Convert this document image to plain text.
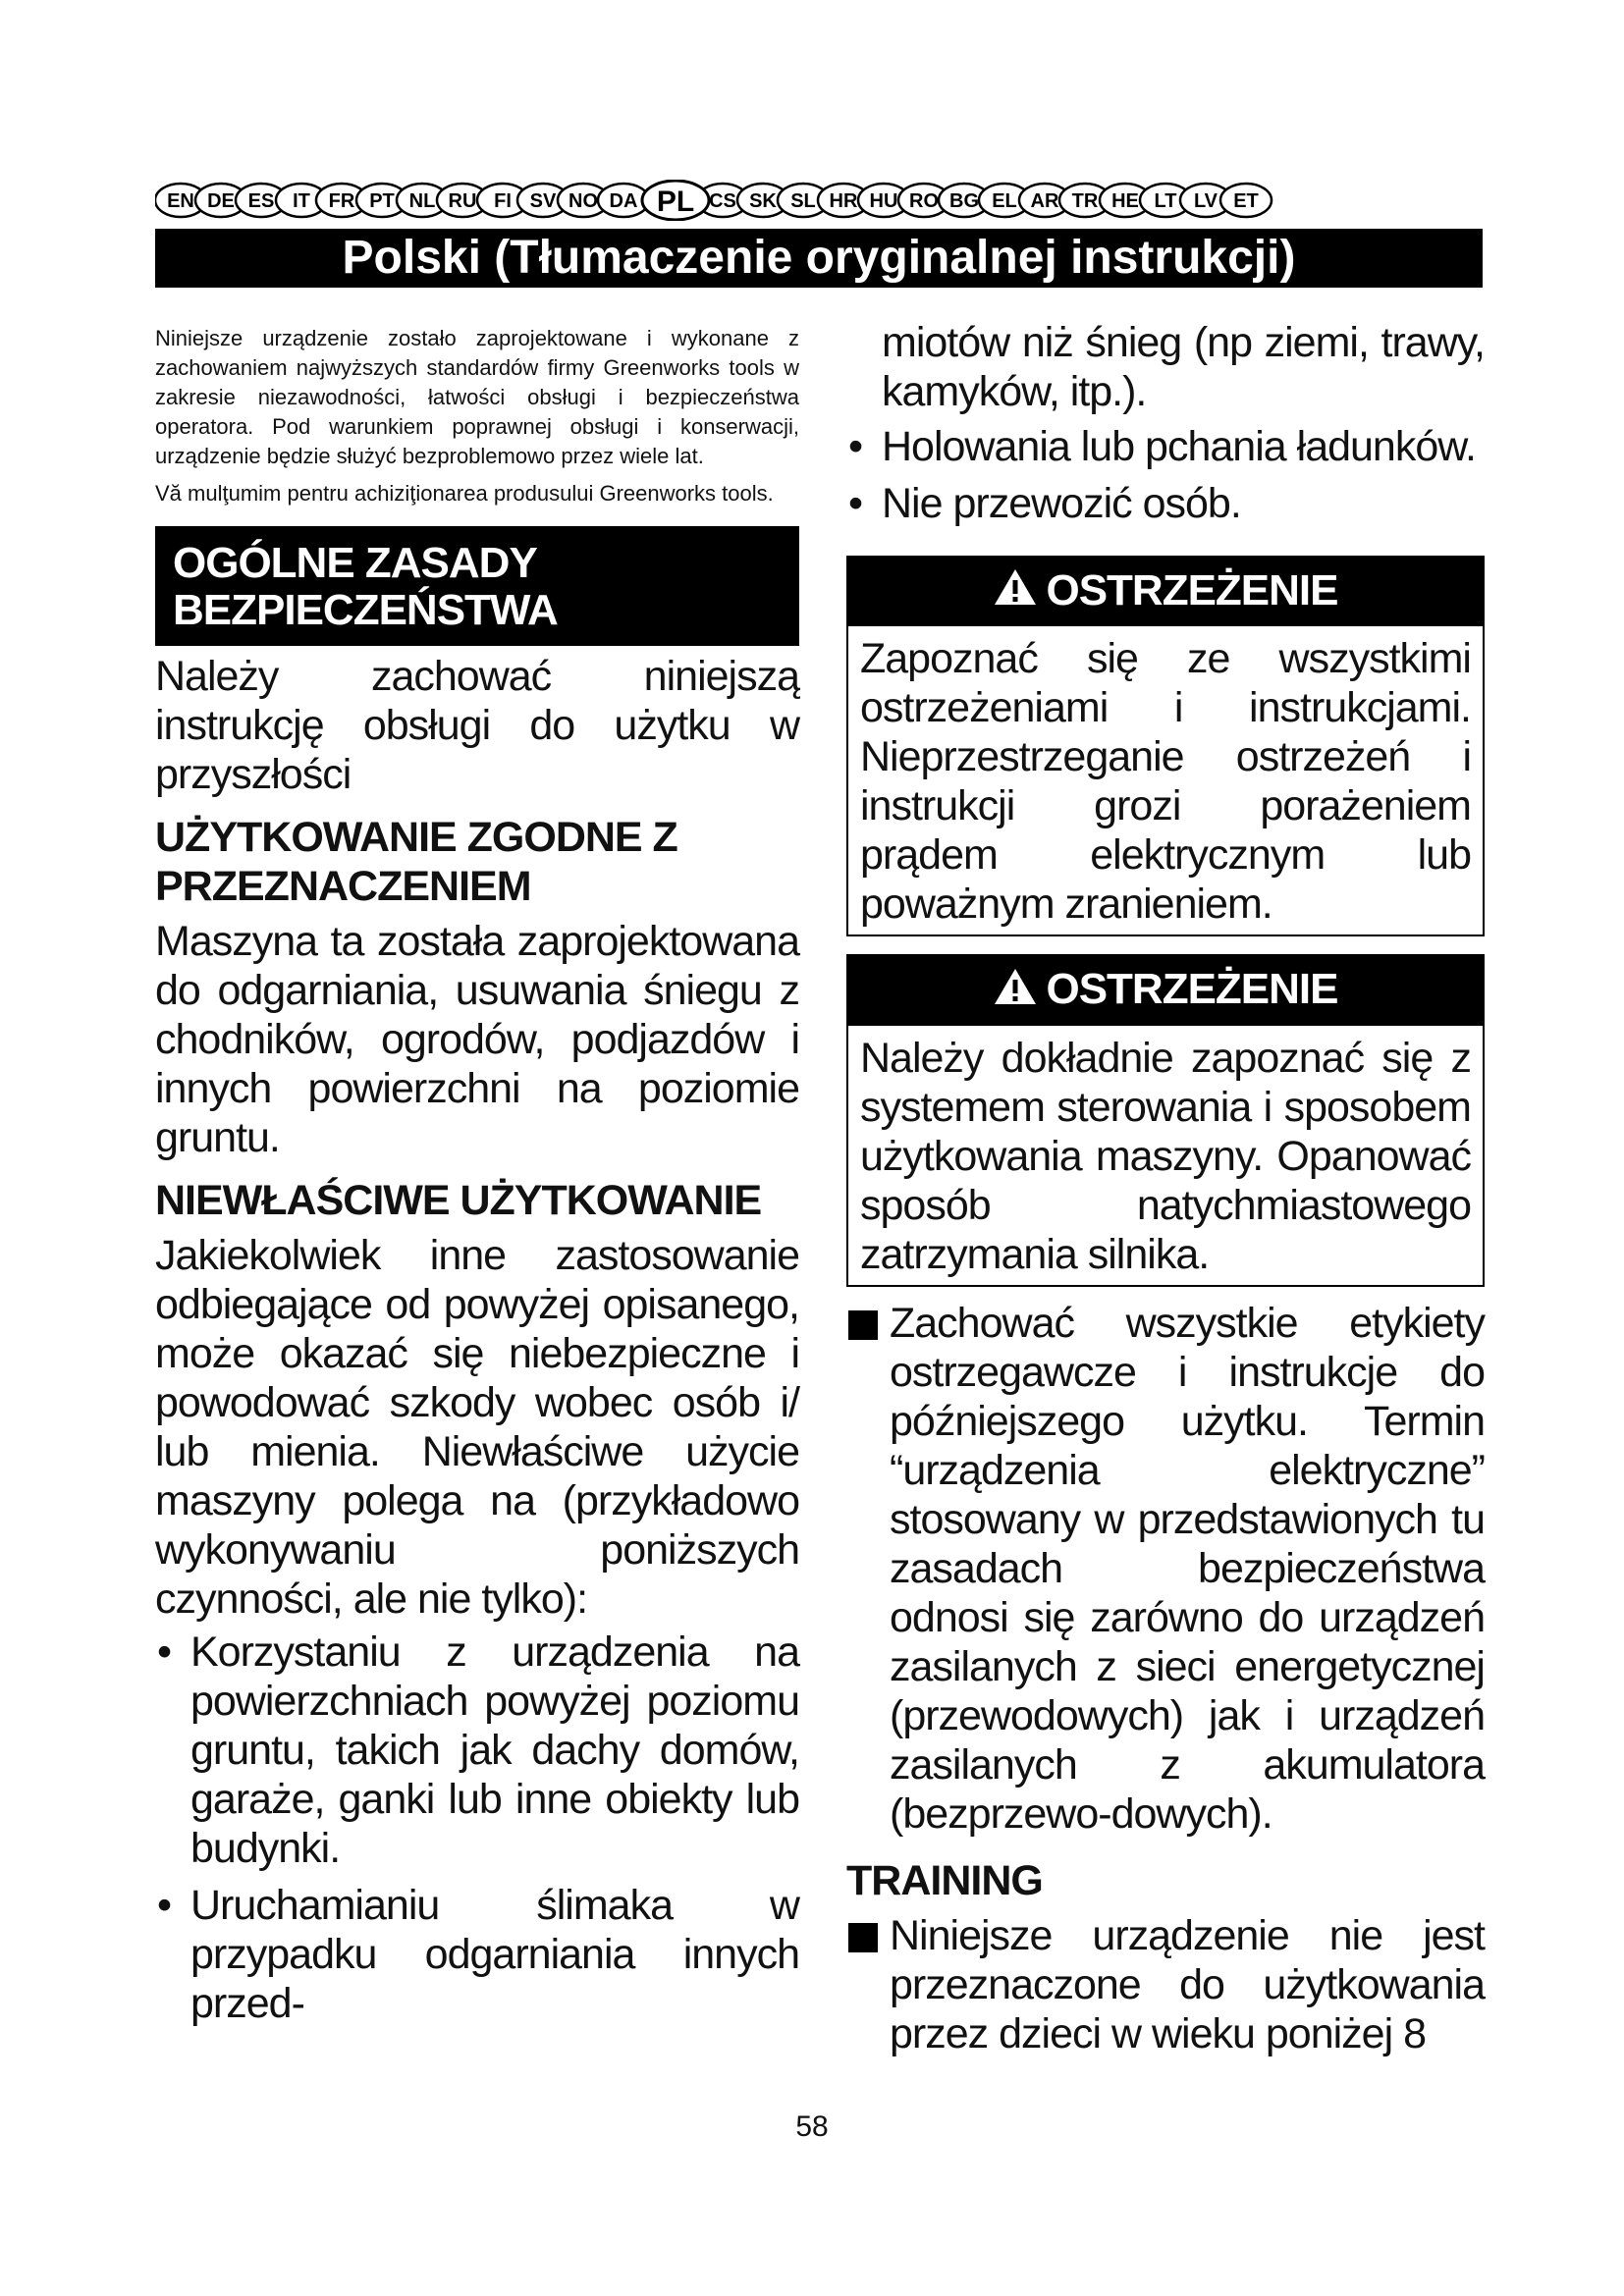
EN DE ES IT FR PT NL RU FI SV NO DA	CS SK SL HR HU RO BG EL AR TR HE LT LV ET
PL
Polski (Tłumaczenie oryginalnej instrukcji)

Niniejsze urządzenie zostało zaprojektowane i wykonane z zachowaniem najwyższych standardów firmy Greenworks tools w zakresie niezawodności, łatwości obsługi i bezpieczeństwa operatora. Pod warunkiem poprawnej obsługi i konserwacji, urządzenie będzie służyć bezproblemowo przez wiele lat.

Vă mulţumim pentru achiziţionarea produsului Greenworks tools.

OGÓLNE ZASADY BEZPIECZEŃSTWA

Należy zachować niniejszą instrukcję obsługi do użytku w przyszłości

UŻYTKOWANIE ZGODNE Z PRZEZNACZENIEM

Maszyna ta została zaprojektowana do odgarniania, usuwania śniegu z chodników, ogrodów, podjazdów i innych powierzchni na poziomie gruntu.

NIEWŁAŚCIWE UŻYTKOWANIE

Jakiekolwiek inne zastosowanie odbiegające od powyżej opisanego, może okazać się niebezpieczne i powodować szkody wobec osób i/ lub mienia. Niewłaściwe użycie maszyny polega na (przykładowo wykonywaniu poniższych czynności, ale nie tylko):

• Korzystaniu z urządzenia na powierzchniach powyżej poziomu gruntu, takich jak dachy domów, garaże, ganki lub inne obiekty lub budynki.
• Uruchamianiu ślimaka w przypadku odgarniania innych przed-

miotów niż śnieg (np ziemi, trawy, kamyków, itp.).

• Holowania lub pchania ładunków.
• Nie przewozić osób.
OSTRZEŻENIE
Zapoznać się ze wszystkimi ostrzeżeniami i instrukcjami. Nieprzestrzeganie ostrzeżeń i instrukcji grozi porażeniem prądem elektrycznym lub poważnym zranieniem.
OSTRZEŻENIE
Należy dokładnie zapoznać się z systemem sterowania i sposobem użytkowania maszyny. Opanować sposób natychmiastowego zatrzymania silnika.
Zachować wszystkie etykiety ostrzegawcze i instrukcje do późniejszego użytku. Termin “urządzenia elektryczne” stosowany w przedstawionych tu zasadach bezpieczeństwa odnosi się zarówno do urządzeń zasilanych z sieci energetycznej (przewodowych) jak i urządzeń zasilanych z akumulatora (bezprzewo-dowych).
TRAINING
Niniejsze urządzenie nie jest przeznaczone do użytkowania przez dzieci w wieku poniżej 8
58
